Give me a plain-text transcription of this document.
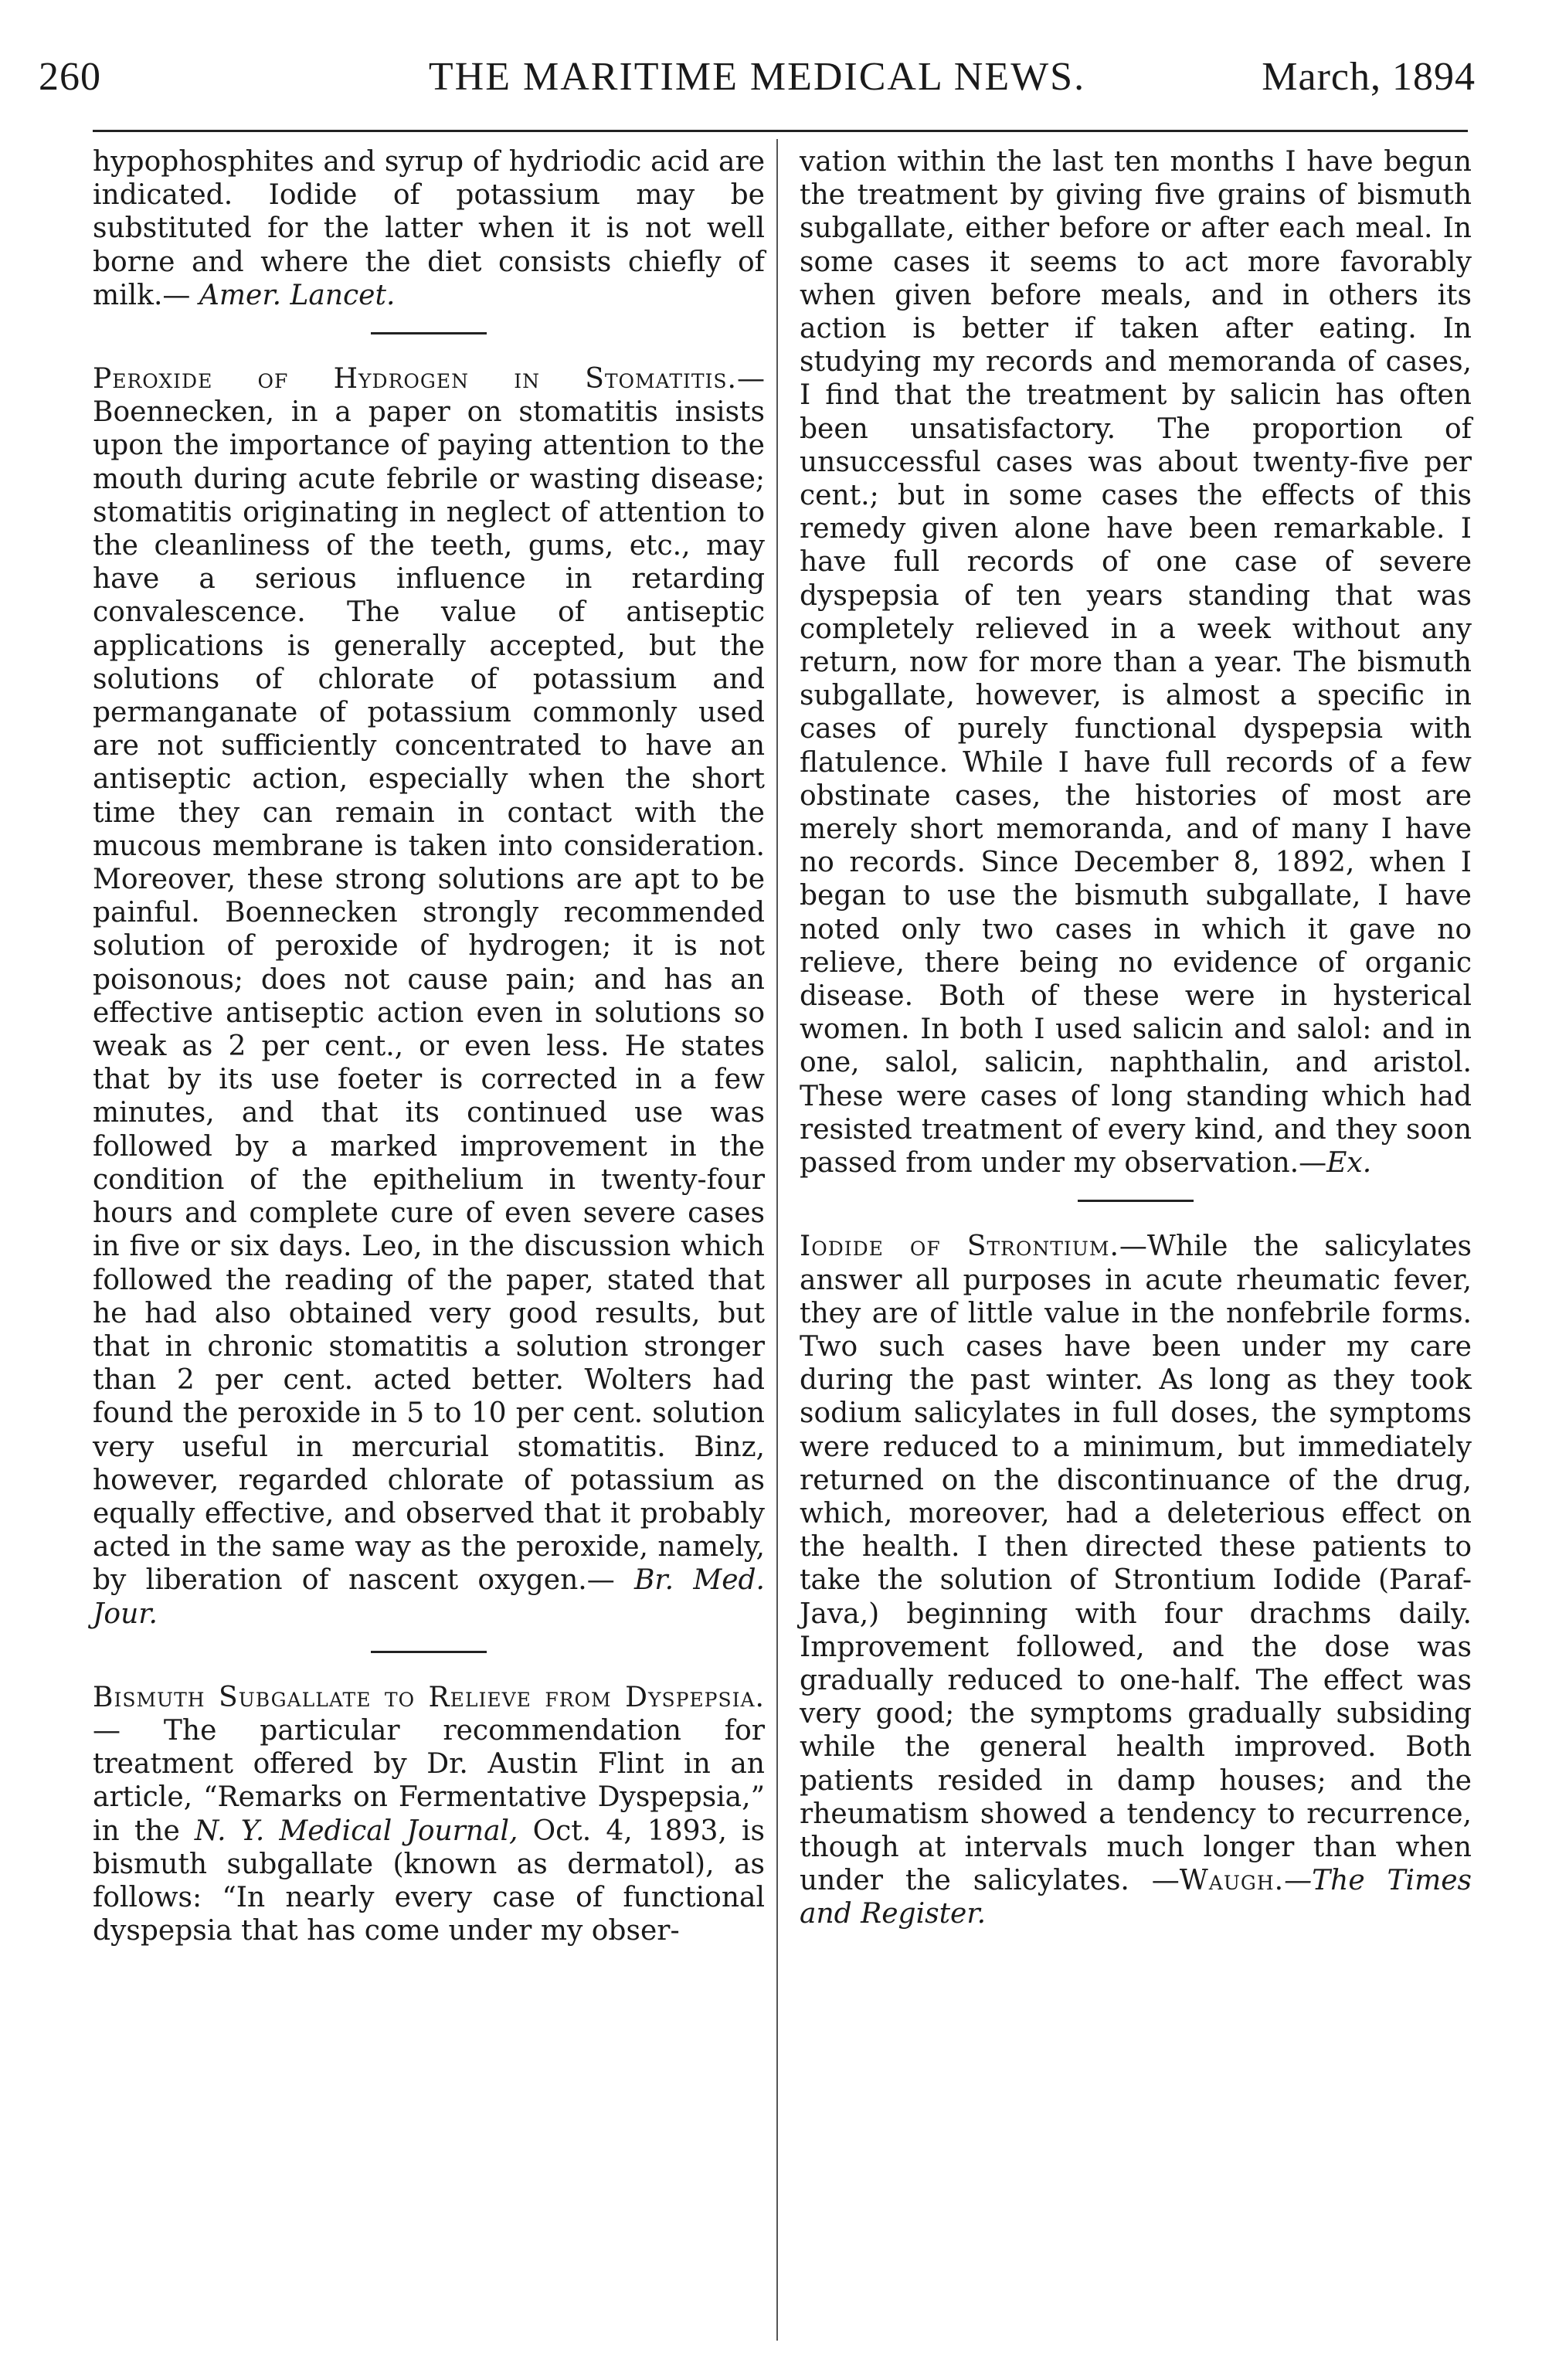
260	THE MARITIME MEDICAL NEWS.	March, 1894

hypophosphites and syrup of hydriodic acid are indicated. Iodide of potassium may be substituted for the latter when it is not well borne and where the diet consists chiefly of milk.— Amer. Lancet.

Peroxide of Hydrogen in Stomatitis.—Boennecken, in a paper on stomatitis insists upon the importance of paying attention to the mouth during acute febrile or wasting disease; stomatitis originating in neglect of attention to the cleanliness of the teeth, gums, etc., may have a serious influence in retarding convalescence. The value of antiseptic applications is generally accepted, but the solutions of chlorate of potassium and permanganate of potassium commonly used are not sufficiently concentrated to have an antiseptic action, especially when the short time they can remain in contact with the mucous membrane is taken into consideration. Moreover, these strong solutions are apt to be painful. Boennecken strongly recommended solution of peroxide of hydrogen; it is not poisonous; does not cause pain; and has an effective antiseptic action even in solutions so weak as 2 per cent., or even less. He states that by its use foeter is corrected in a few minutes, and that its continued use was followed by a marked improvement in the condition of the epithelium in twenty-four hours and complete cure of even severe cases in five or six days. Leo, in the discussion which followed the reading of the paper, stated that he had also obtained very good results, but that in chronic stomatitis a solution stronger than 2 per cent. acted better. Wolters had found the peroxide in 5 to 10 per cent. solution very useful in mercurial stomatitis. Binz, however, regarded chlorate of potassium as equally effective, and observed that it probably acted in the same way as the peroxide, namely, by liberation of nascent oxygen.— Br. Med. Jour.

Bismuth Subgallate to Relieve from Dyspepsia. — The particular recommendation for treatment offered by Dr. Austin Flint in an article, “Remarks on Fermentative Dyspepsia,” in the N. Y. Medical Journal, Oct. 4, 1893, is bismuth subgallate (known as dermatol), as follows: “In nearly every case of functional dyspepsia that has come under my obser-

vation within the last ten months I have begun the treatment by giving five grains of bismuth subgallate, either before or after each meal. In some cases it seems to act more favorably when given before meals, and in others its action is better if taken after eating. In studying my records and memoranda of cases, I find that the treatment by salicin has often been unsatisfactory. The proportion of unsuccessful cases was about twenty-five per cent.; but in some cases the effects of this remedy given alone have been remarkable. I have full records of one case of severe dyspepsia of ten years standing that was completely relieved in a week without any return, now for more than a year. The bismuth subgallate, however, is almost a specific in cases of purely functional dyspepsia with flatulence. While I have full records of a few obstinate cases, the histories of most are merely short memoranda, and of many I have no records. Since December 8, 1892, when I began to use the bismuth subgallate, I have noted only two cases in which it gave no relieve, there being no evidence of organic disease. Both of these were in hysterical women. In both I used salicin and salol: and in one, salol, salicin, naphthalin, and aristol. These were cases of long standing which had resisted treatment of every kind, and they soon passed from under my observation.—Ex.

Iodide of Strontium.—While the salicylates answer all purposes in acute rheumatic fever, they are of little value in the nonfebrile forms. Two such cases have been under my care during the past winter. As long as they took sodium salicylates in full doses, the symptoms were reduced to a minimum, but immediately returned on the discontinuance of the drug, which, moreover, had a deleterious effect on the health. I then directed these patients to take the solution of Strontium Iodide (Paraf-Java,) beginning with four drachms daily. Improvement followed, and the dose was gradually reduced to one-half. The effect was very good; the symptoms gradually subsiding while the general health improved. Both patients resided in damp houses; and the rheumatism showed a tendency to recurrence, though at intervals much longer than when under the salicylates. —Waugh.—The Times and Register.
